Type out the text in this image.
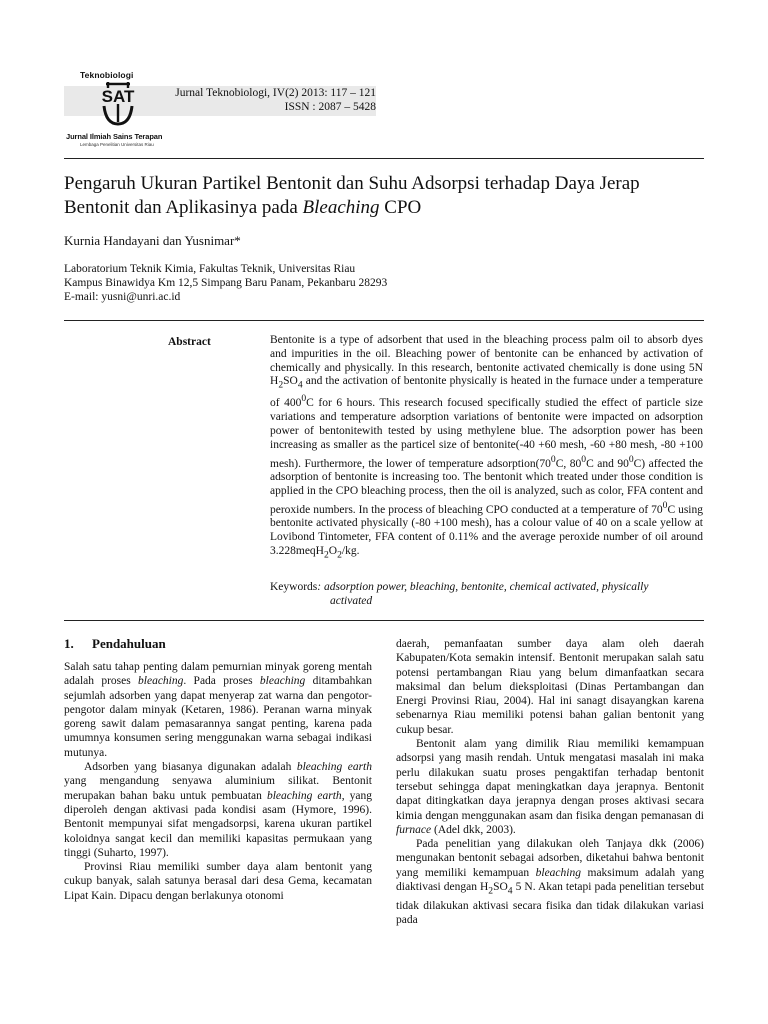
Teknobiologi
SAT
Jurnal Ilmiah Sains Terapan
Lembaga Penelitian Universitas Riau
Jurnal Teknobiologi, IV(2) 2013: 117 – 121
ISSN : 2087 – 5428
Pengaruh Ukuran Partikel Bentonit dan Suhu Adsorpsi terhadap Daya Jerap Bentonit dan Aplikasinya pada Bleaching CPO
Kurnia Handayani dan Yusnimar*
Laboratorium Teknik Kimia, Fakultas Teknik, Universitas Riau
Kampus Binawidya Km 12,5 Simpang Baru Panam, Pekanbaru 28293
E-mail: yusni@unri.ac.id
Abstract	Bentonite is a type of adsorbent that used in the bleaching process palm oil to absorb dyes and impurities in the oil. Bleaching power of bentonite can be enhanced by activation of chemically and physically. In this research, bentonite activated chemically is done using 5N $H_2SO_4$ and the activation of bentonite physically is heated in the furnace under a temperature of $400^0C$ for 6 hours. This research focused specifically studied the effect of particle size variations and temperature adsorption variations of bentonite were impacted on adsorption power of bentonitewith tested by using methylene blue. The adsorption power has been increasing as smaller as the particel size of bentonite(-40 +60 mesh, -60 +80 mesh, -80 +100 mesh). Furthermore, the lower of temperature $adsorption(70^0C$, $80^0C$ and $90^0C$) affected the adsorption of bentonite is increasing too. The bentonit which treated under those condition is applied in the CPO bleaching process, then the oil is analyzed, such as color, FFA content and peroxide numbers. In the process of bleaching CPO conducted at a temperature of $70^0C$ using bentonite activated physically (-80 +100 mesh), has a colour value of 40 on a scale yellow at Lovibond Tintometer, FFA content of 0.11% and the average peroxide number of oil around $3.228meqH_2O_2/kg$.
Keywords: adsorption power, bleaching, bentonite, chemical activated, physically
activated
1. Pendahuluan

Salah satu tahap penting dalam pemurnian minyak goreng mentah adalah proses bleaching. Pada proses bleaching ditambahkan sejumlah adsorben yang dapat menyerap zat warna dan pengotor-pengotor dalam minyak (Ketaren, 1986). Peranan warna minyak goreng sawit dalam pemasarannya sangat penting, karena pada umumnya konsumen sering menggunakan warna sebagai indikasi mutunya.

Adsorben yang biasanya digunakan adalah bleaching earth yang mengandung senyawa aluminium silikat. Bentonit merupakan bahan baku untuk pembuatan bleaching earth, yang diperoleh dengan aktivasi pada kondisi asam (Hymore, 1996). Bentonit mempunyai sifat mengadsorpsi, karena ukuran partikel koloidnya sangat kecil dan memiliki kapasitas permukaan yang tinggi (Suharto, 1997).

Provinsi Riau memiliki sumber daya alam bentonit yang cukup banyak, salah satunya berasal dari desa Gema, kecamatan Lipat Kain. Dipacu dengan berlakunya otonomi

daerah, pemanfaatan sumber daya alam oleh daerah Kabupaten/Kota semakin intensif. Bentonit merupakan salah satu potensi pertambangan Riau yang belum dimanfaatkan secara maksimal dan belum dieksploitasi (Dinas Pertambangan dan Energi Provinsi Riau, 2004). Hal ini sanagt disayangkan karena sebenarnya Riau memiliki potensi bahan galian bentonit yang cukup besar.

Bentonit alam yang dimilik Riau memiliki kemampuan adsorpsi yang masih rendah. Untuk mengatasi masalah ini maka perlu dilakukan suatu proses pengaktifan terhadap bentonit tersebut sehingga dapat meningkatkan daya jerapnya. Bentonit dapat ditingkatkan daya jerapnya dengan proses aktivasi secara kimia dengan menggunakan asam dan fisika dengan pemanasan di furnace (Adel dkk, 2003).

Pada penelitian yang dilakukan oleh Tanjaya dkk (2006) mengunakan bentonit sebagai adsorben, diketahui bahwa bentonit yang memiliki kemampuan bleaching maksimum adalah yang diaktivasi dengan $H_2SO_4$ 5 N. Akan tetapi pada penelitian tersebut tidak dilakukan aktivasi secara fisika dan tidak dilakukan variasi pada
